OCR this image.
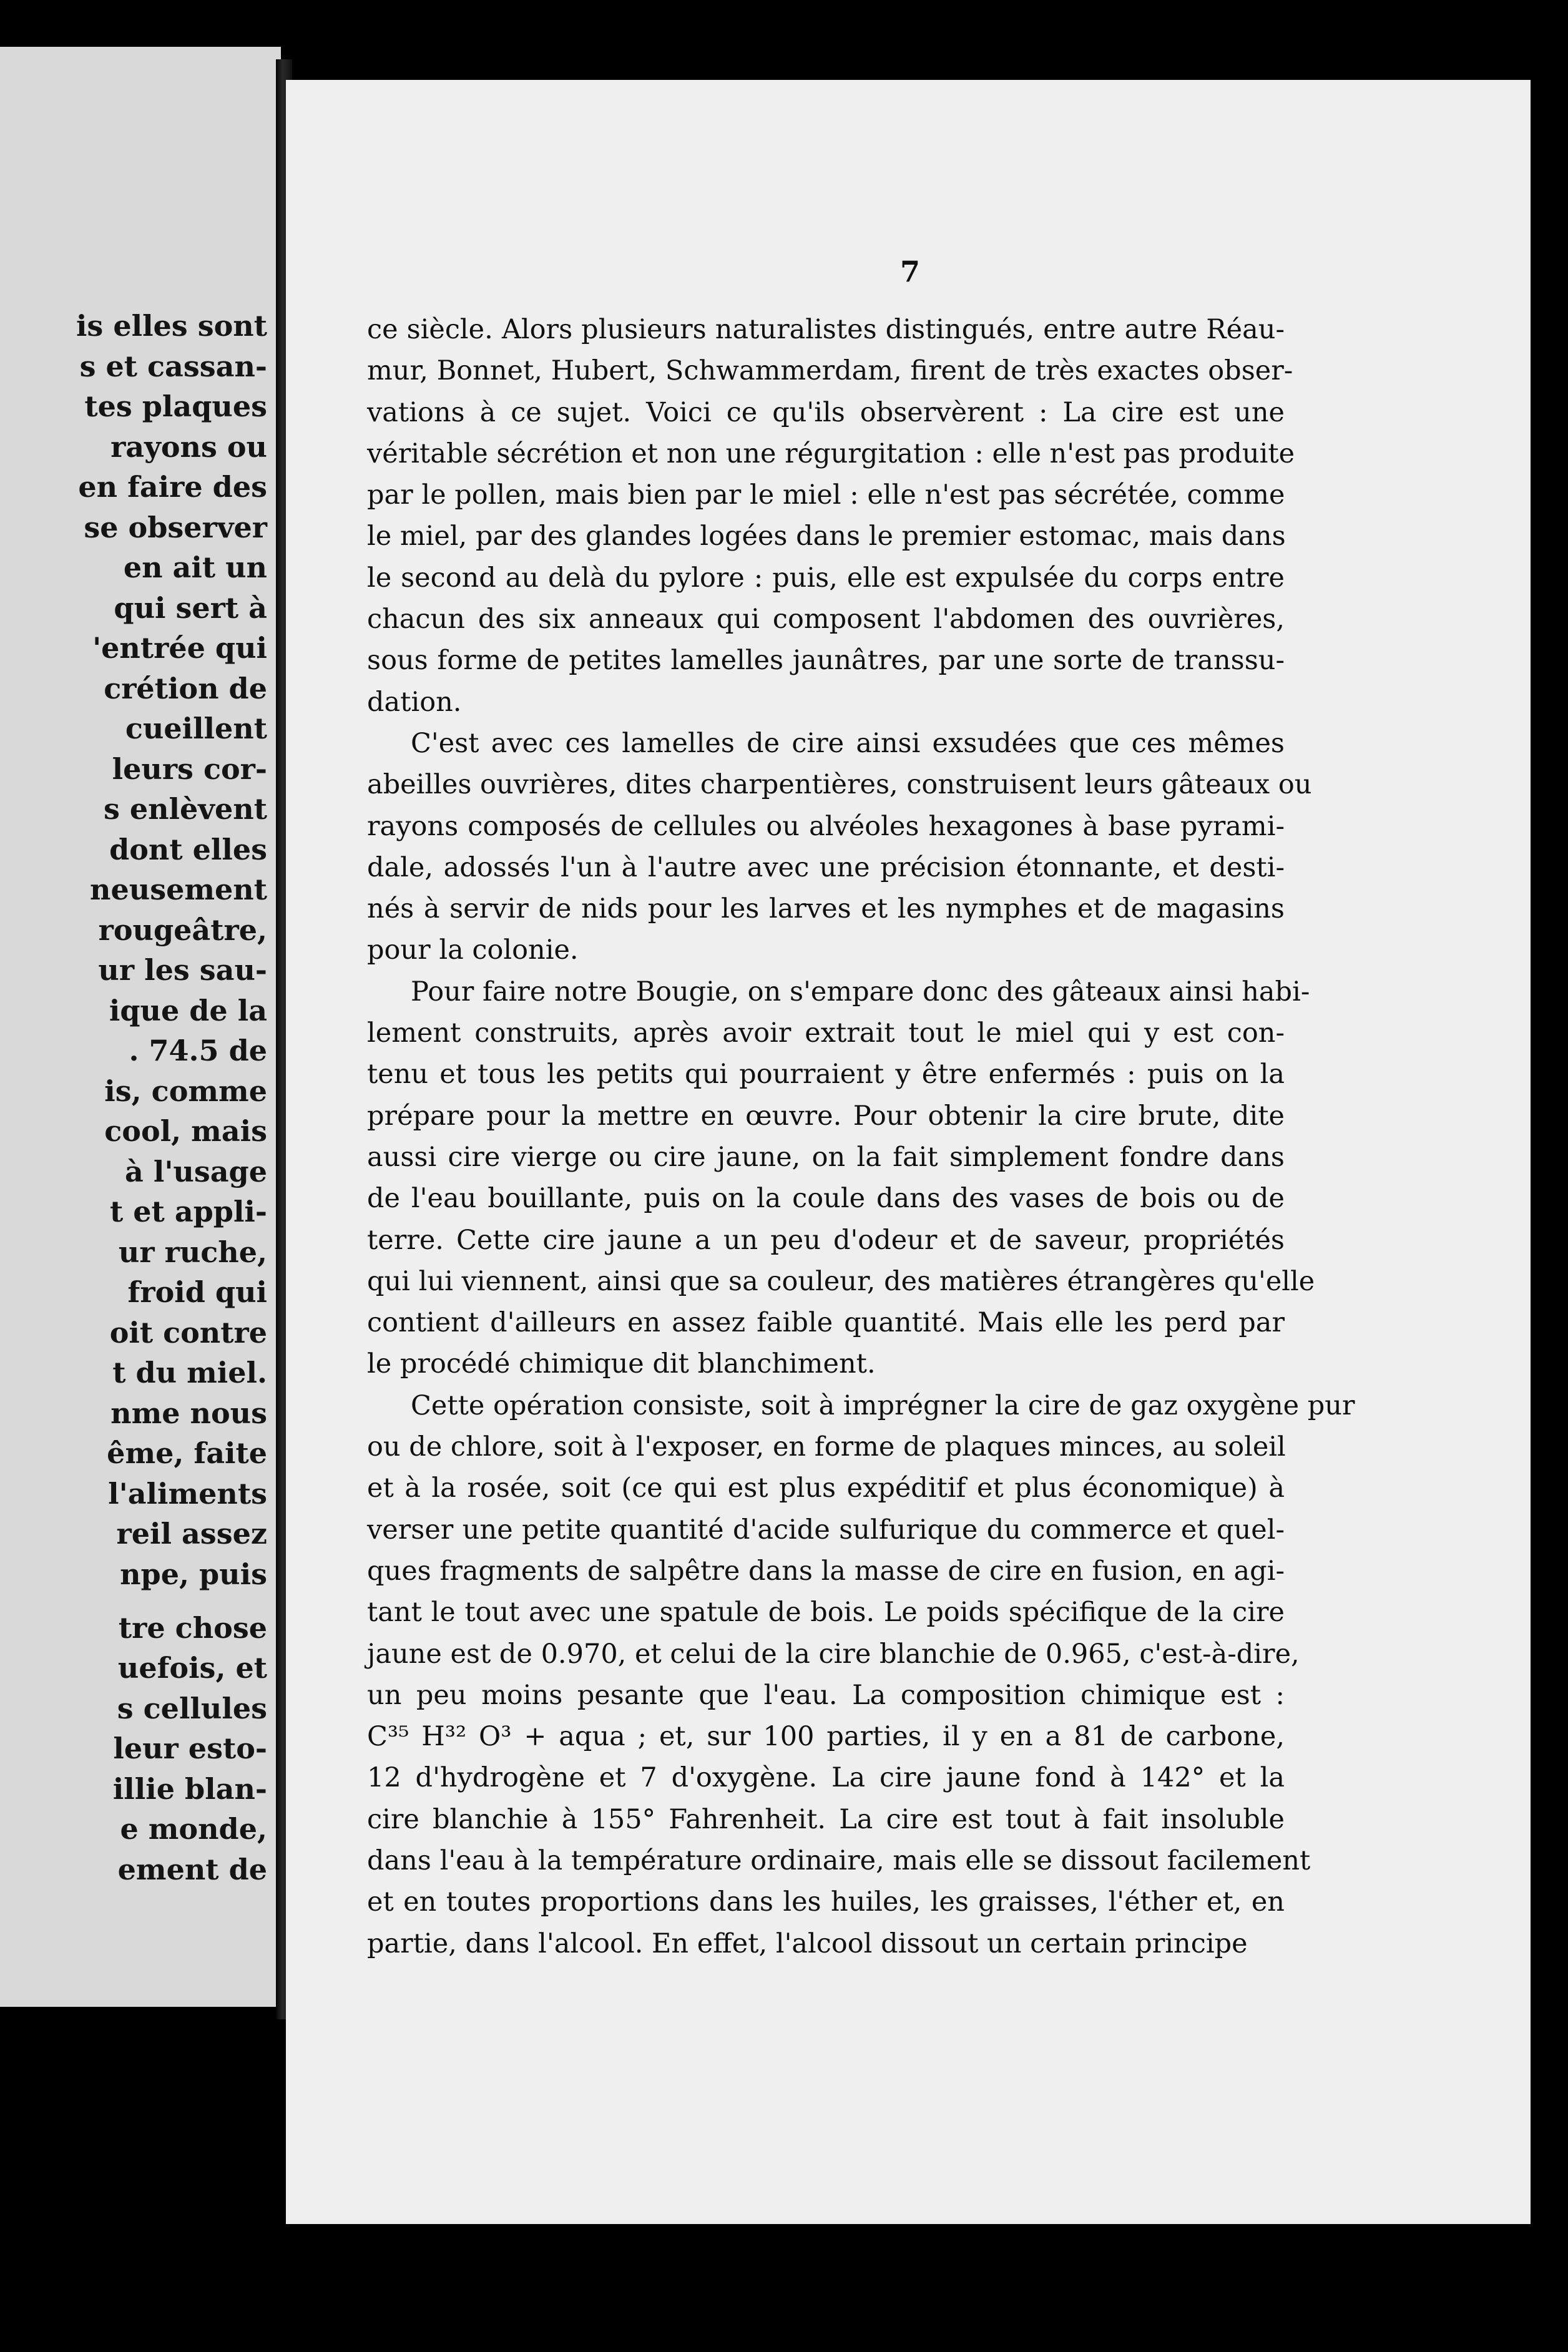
is elles sont
s et cassan-
tes plaques
rayons ou
en faire des
se observer
en ait un
qui sert à
'entrée qui
crétion de
cueillent
leurs cor-
s enlèvent
dont elles
neusement
rougeâtre,
ur les sau-
ique de la
. 74.5 de
is, comme
cool, mais
à l'usage
t et appli-
ur ruche,
froid qui
oit contre
t du miel.
nme nous
ême, faite
l'aliments
reil assez
npe, puis
tre chose
uefois, et
s cellules
leur esto-
illie blan-
e monde,
ement de
7
ce siècle. Alors plusieurs naturalistes distingués, entre autre Réau-
mur, Bonnet, Hubert, Schwammerdam, firent de très exactes obser-
vations à ce sujet. Voici ce qu'ils observèrent : La cire est une
véritable sécrétion et non une régurgitation : elle n'est pas produite
par le pollen, mais bien par le miel : elle n'est pas sécrétée, comme
le miel, par des glandes logées dans le premier estomac, mais dans
le second au delà du pylore : puis, elle est expulsée du corps entre
chacun des six anneaux qui composent l'abdomen des ouvrières,
sous forme de petites lamelles jaunâtres, par une sorte de transsu-
dation.
C'est avec ces lamelles de cire ainsi exsudées que ces mêmes
abeilles ouvrières, dites charpentières, construisent leurs gâteaux ou
rayons composés de cellules ou alvéoles hexagones à base pyrami-
dale, adossés l'un à l'autre avec une précision étonnante, et desti-
nés à servir de nids pour les larves et les nymphes et de magasins
pour la colonie.
Pour faire notre Bougie, on s'empare donc des gâteaux ainsi habi-
lement construits, après avoir extrait tout le miel qui y est con-
tenu et tous les petits qui pourraient y être enfermés : puis on la
prépare pour la mettre en œuvre. Pour obtenir la cire brute, dite
aussi cire vierge ou cire jaune, on la fait simplement fondre dans
de l'eau bouillante, puis on la coule dans des vases de bois ou de
terre. Cette cire jaune a un peu d'odeur et de saveur, propriétés
qui lui viennent, ainsi que sa couleur, des matières étrangères qu'elle
contient d'ailleurs en assez faible quantité. Mais elle les perd par
le procédé chimique dit blanchiment.
Cette opération consiste, soit à imprégner la cire de gaz oxygène pur
ou de chlore, soit à l'exposer, en forme de plaques minces, au soleil
et à la rosée, soit (ce qui est plus expéditif et plus économique) à
verser une petite quantité d'acide sulfurique du commerce et quel-
ques fragments de salpêtre dans la masse de cire en fusion, en agi-
tant le tout avec une spatule de bois. Le poids spécifique de la cire
jaune est de 0.970, et celui de la cire blanchie de 0.965, c'est-à-dire,
un peu moins pesante que l'eau. La composition chimique est :
C³⁵ H³² O³ + aqua ; et, sur 100 parties, il y en a 81 de carbone,
12 d'hydrogène et 7 d'oxygène. La cire jaune fond à 142° et la
cire blanchie à 155° Fahrenheit. La cire est tout à fait insoluble
dans l'eau à la température ordinaire, mais elle se dissout facilement
et en toutes proportions dans les huiles, les graisses, l'éther et, en
partie, dans l'alcool. En effet, l'alcool dissout un certain principe
